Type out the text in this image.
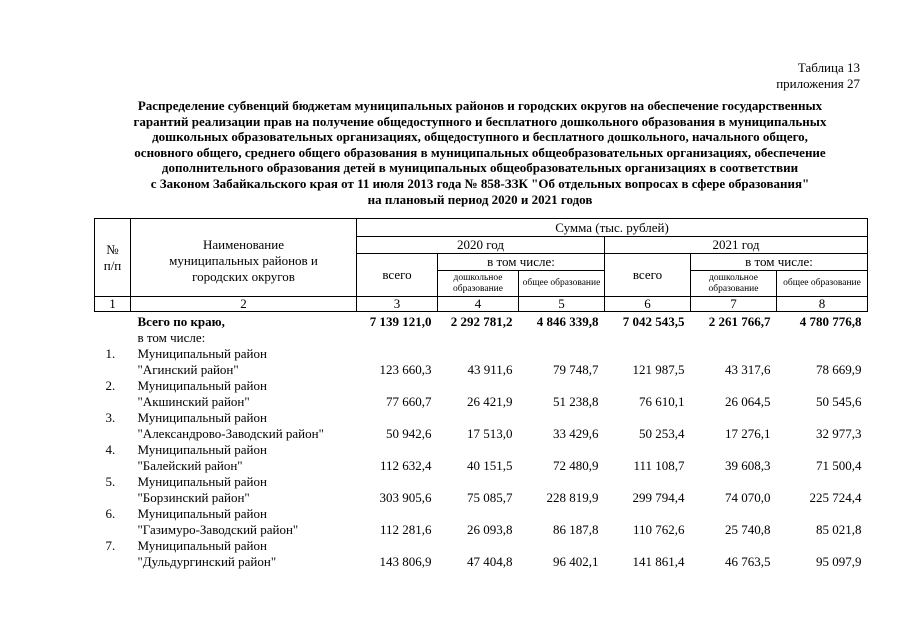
Таблица 13
приложения 27
Распределение субвенций бюджетам муниципальных районов и городских округов на обеспечение государственных
гарантий реализации прав на получение общедоступного и бесплатного дошкольного образования в муниципальных
дошкольных образовательных организациях, общедоступного и бесплатного дошкольного, начального общего,
основного общего, среднего общего образования в муниципальных общеобразовательных организациях, обеспечение
дополнительного образования детей в муниципальных общеобразовательных организациях в соответствии
с Законом Забайкальского края от 11 июля 2013 года № 858-ЗЗК "Об отдельных вопросах в сфере образования"
на плановый период 2020 и 2021 годов
№ п/п	Наименование муниципальных районов и городских округов	Сумма (тыс. рублей)					
		2020 год			2021 год		
		всего	в том числе:		всего	в том числе:	
			дошкольное образование	общее образование		дошкольное образование	общее образование
1	2	3	4	5	6	7	8

	Всего по краю,
в том числе:	7 139 121,0	2 292 781,2	4 846 339,8	7 042 543,5	2 261 766,7	4 780 776,8
1.	Муниципальный район
"Агинский район"	123 660,3	43 911,6	79 748,7	121 987,5	43 317,6	78 669,9
2.	Муниципальный район
"Акшинский район"	77 660,7	26 421,9	51 238,8	76 610,1	26 064,5	50 545,6
3.	Муниципальный район
"Александрово-Заводский район"	50 942,6	17 513,0	33 429,6	50 253,4	17 276,1	32 977,3
4.	Муниципальный район
"Балейский район"	112 632,4	40 151,5	72 480,9	111 108,7	39 608,3	71 500,4
5.	Муниципальный район
"Борзинский район"	303 905,6	75 085,7	228 819,9	299 794,4	74 070,0	225 724,4
6.	Муниципальный район
"Газимуро-Заводский район"	112 281,6	26 093,8	86 187,8	110 762,6	25 740,8	85 021,8
7.	Муниципальный район
"Дульдургинский район"	143 806,9	47 404,8	96 402,1	141 861,4	46 763,5	95 097,9
